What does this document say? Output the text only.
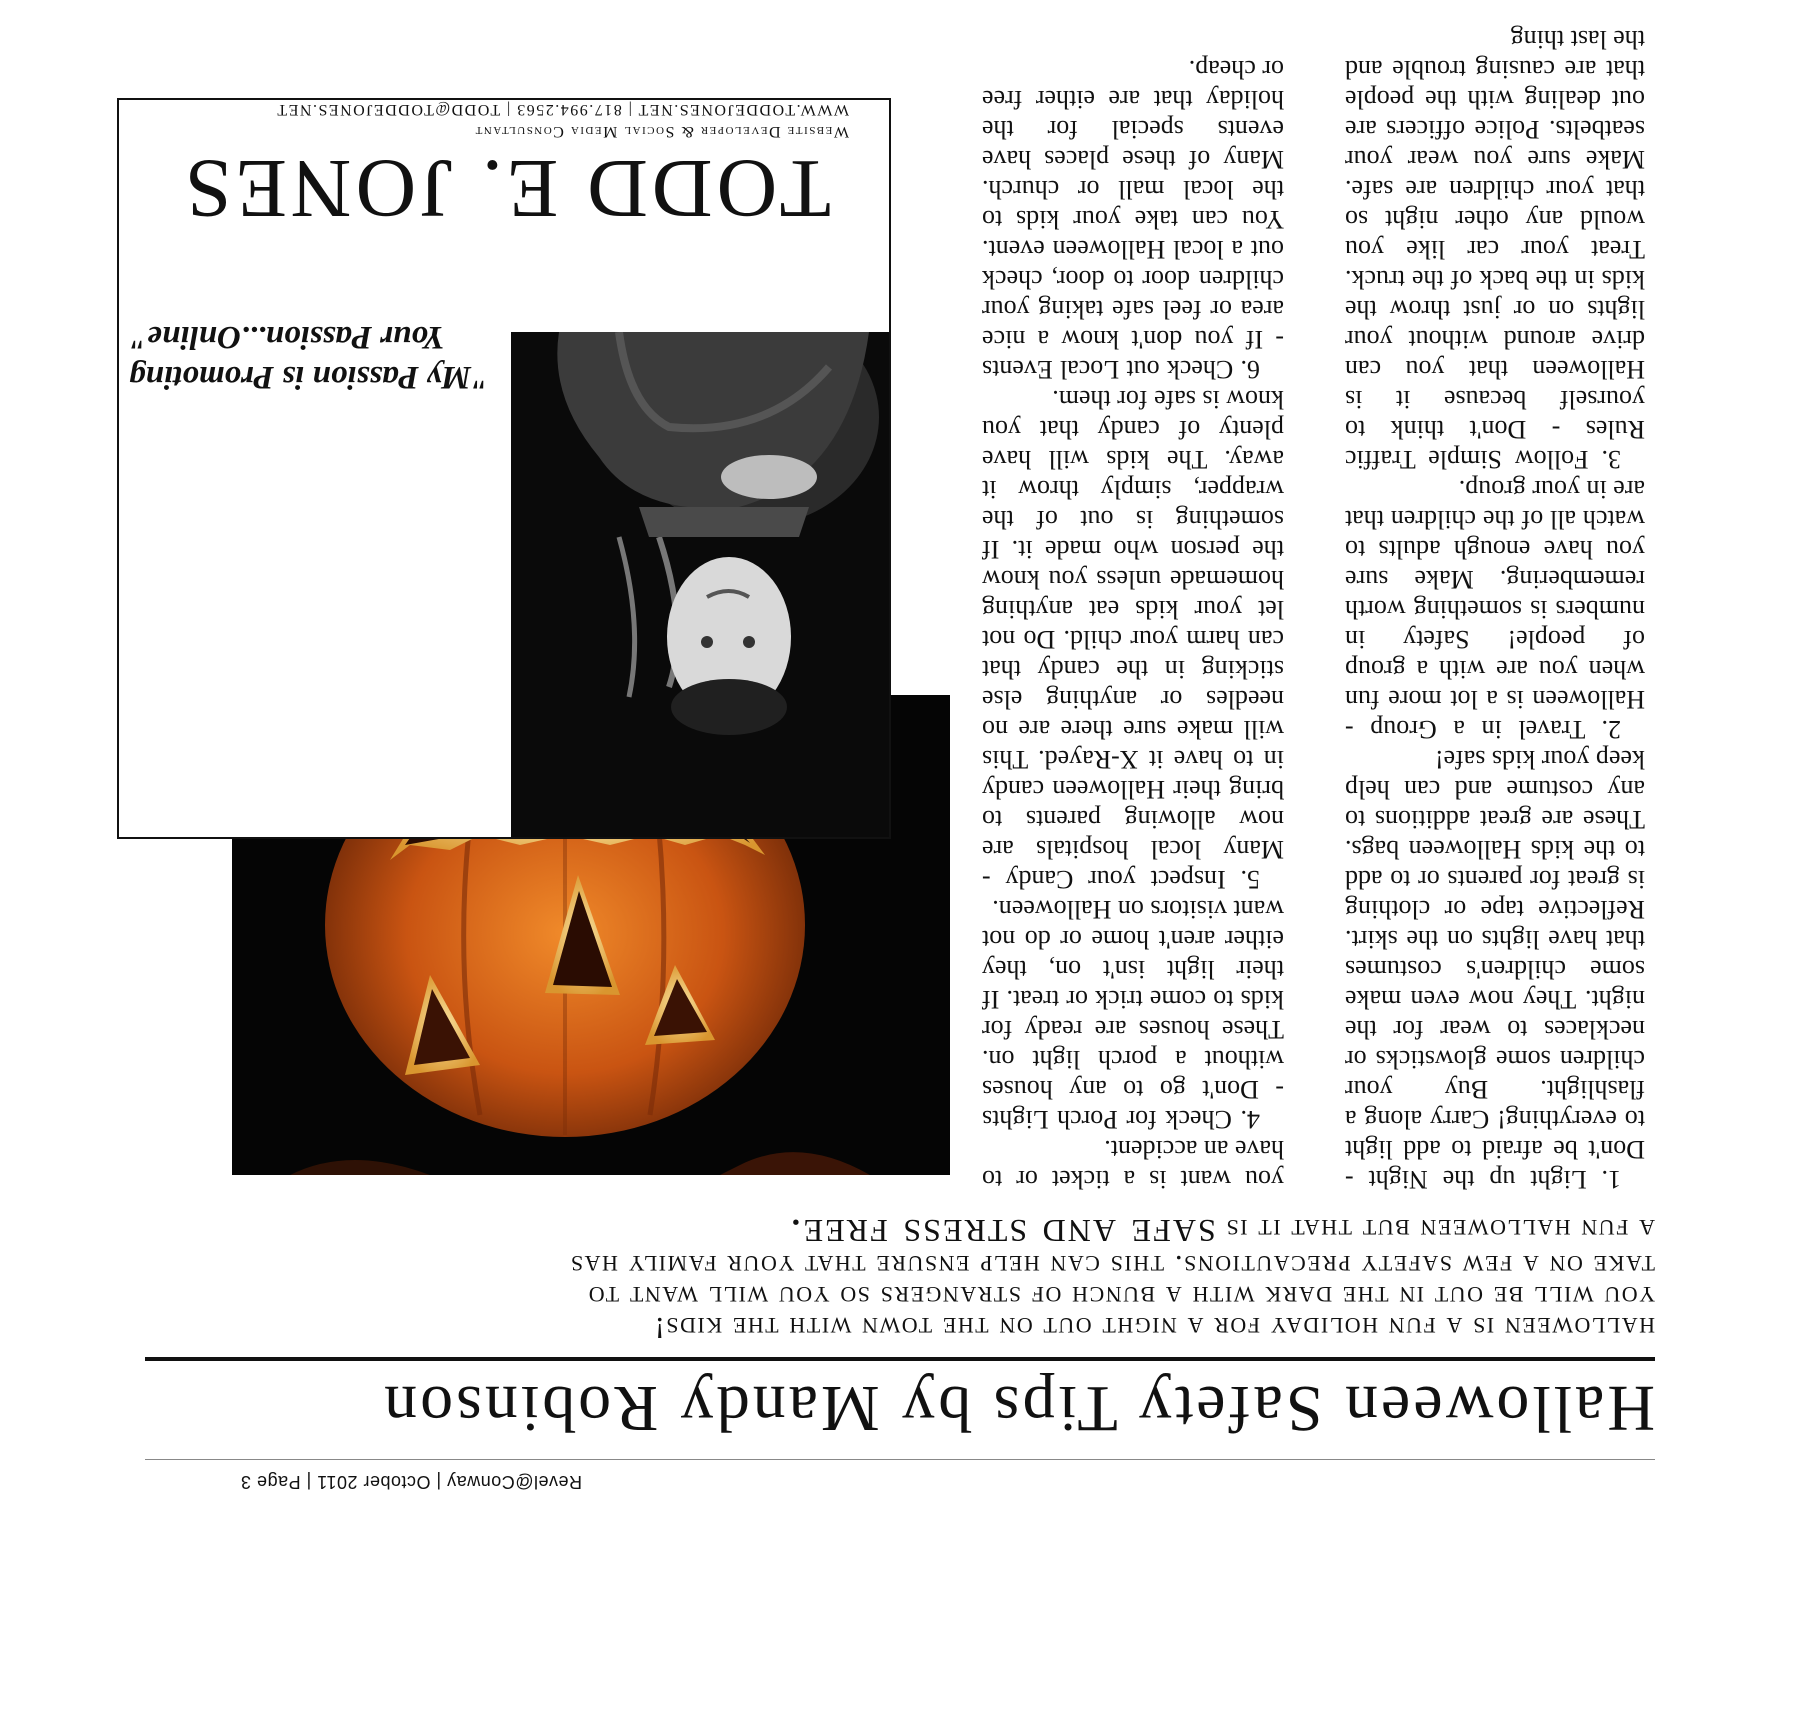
Revel@Conway | October 2011 | Page 3
Halloween Safety Tips by Mandy Robinson
halloween is a fun holiday for a night out on the town with the kids!
you will be out in the dark with a bunch of strangers so you will want to
take on a few safety precautions. this can help ensure that your family has
a fun halloween but that it is safe and stress free.

1. Light up the Night - Don't be afraid to add light to everything! Carry along a flashlight. Buy your children some glowsticks or necklaces to wear for the night. They now even make some children's costumes that have lights on the skirt. Reflective tape or clothing is great for parents or to add to the kids Halloween bags. These are great additions to any costume and can help keep your kids safe!

2. Travel in a Group - Halloween is a lot more fun when you are with a group of people! Safety in numbers is something worth remembering. Make sure you have enough adults to watch all of the children that are in your group.

3. Follow Simple Traffic Rules - Don't think to yourself because it is Halloween that you can drive around without your lights on or just throw the kids in the back of the truck. Treat your car like you would any other night so that your children are safe. Make sure you wear your seatbelts. Police officers are out dealing with the people that are causing trouble and the last thing

you want is a ticket or to have an accident.

4. Check for Porch Lights - Don't go to any houses without a porch light on. These houses are ready for kids to come trick or treat. If their light isn't on, they either aren't home or do not want visitors on Halloween.

5. Inspect your Candy - Many local hospitals are now allowing parents to bring their Halloween candy in to have it X-Rayed. This will make sure there are no needles or anything else sticking in the candy that can harm your child. Do not let your kids eat anything homemade unless you know the person who made it. If something is out of the wrapper, simply throw it away. The kids will have plenty of candy that you know is safe for them.

6. Check out Local Events - If you don't know a nice area or feel safe taking your children door to door, check out a local Halloween event. You can take your kids to the local mall or church. Many of these places have events special for the holiday that are either free or cheap.

"My Passion is Promoting Your Passion...Online"
TODD E. JONES
Website Developer & Social Media Consultant
WWW.TODDEJONES.NET | 817.994.2563 | TODD@TODDEJONES.NET
